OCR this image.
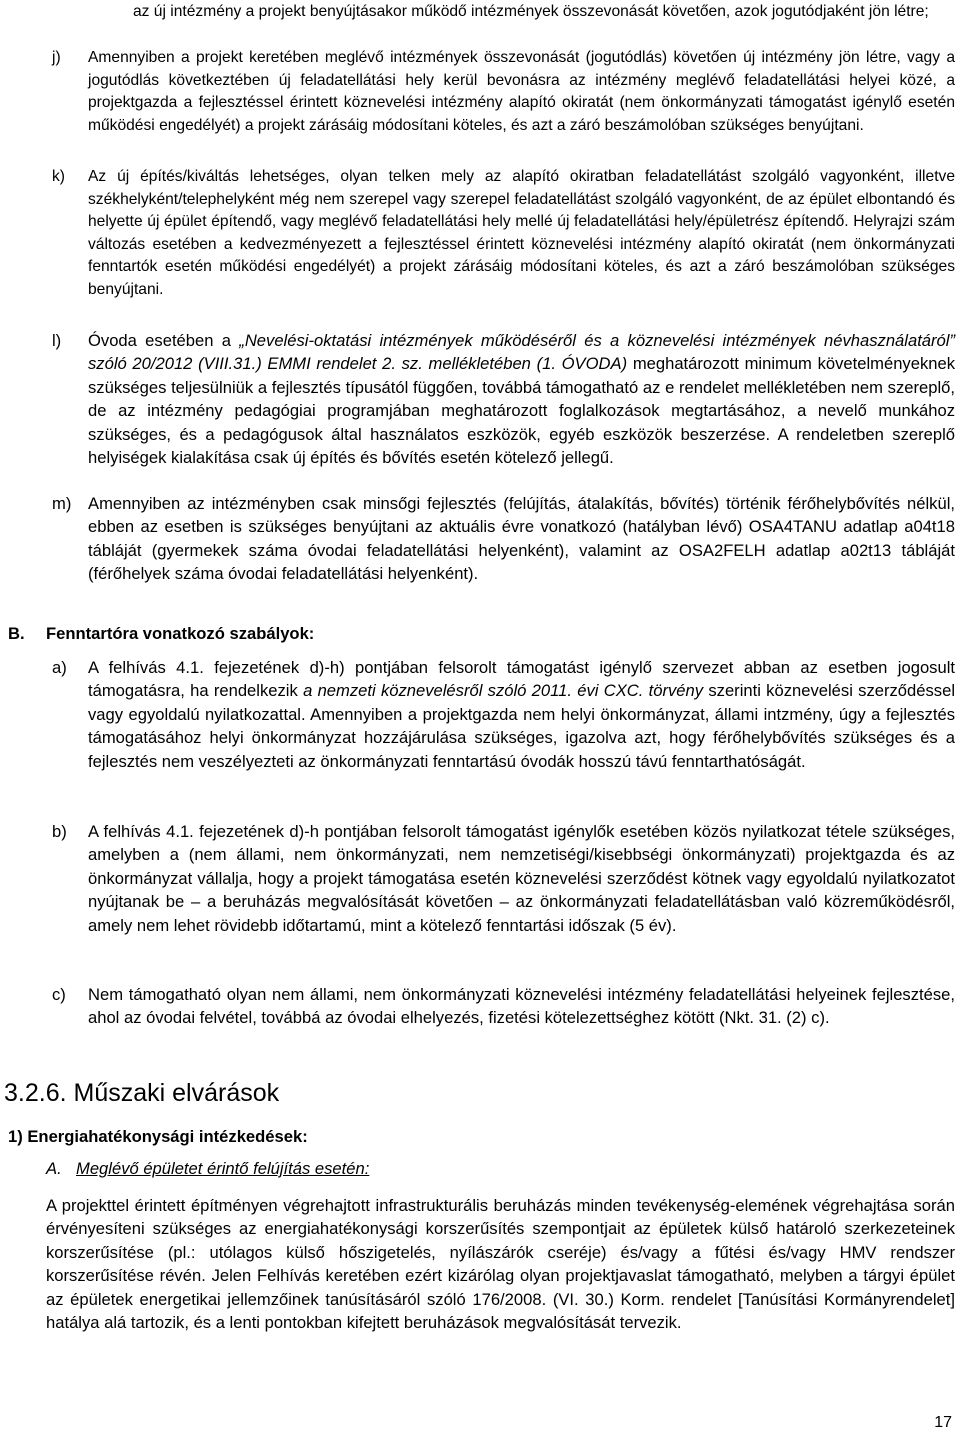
az új intézmény a projekt benyújtásakor működő intézmények összevonását követően, azok jogutódjaként jön létre;
j) Amennyiben a projekt keretében meglévő intézmények összevonását (jogutódlás) követően új intézmény jön létre, vagy a jogutódlás következtében új feladatellátási hely kerül bevonásra az intézmény meglévő feladatellátási helyei közé, a projektgazda a fejlesztéssel érintett köznevelési intézmény alapító okiratát (nem önkormányzati támogatást igénylő esetén működési engedélyét) a projekt zárásáig módosítani köteles, és azt a záró beszámolóban szükséges benyújtani.
k) Az új építés/kiváltás lehetséges, olyan telken mely az alapító okiratban feladatellátást szolgáló vagyonként, illetve székhelyként/telephelyként még nem szerepel vagy szerepel feladatellátást szolgáló vagyonként, de az épület elbontandó és helyette új épület építendő, vagy meglévő feladatellátási hely mellé új feladatellátási hely/épületrész építendő. Helyrajzi szám változás esetében a kedvezményezett a fejlesztéssel érintett köznevelési intézmény alapító okiratát (nem önkormányzati fenntartók esetén működési engedélyét) a projekt zárásáig módosítani köteles, és azt a záró beszámolóban szükséges benyújtani.
l) Óvoda esetében a „Nevelési-oktatási intézmények működéséről és a köznevelési intézmények névhasználatáról” szóló 20/2012 (VIII.31.) EMMI rendelet 2. sz. mellékletében (1. ÓVODA) meghatározott minimum követelményeknek szükséges teljesülniük a fejlesztés típusától függően, továbbá támogatható az e rendelet mellékletében nem szereplő, de az intézmény pedagógiai programjában meghatározott foglalkozások megtartásához, a nevelő munkához szükséges, és a pedagógusok által használatos eszközök, egyéb eszközök beszerzése. A rendeletben szereplő helyiségek kialakítása csak új építés és bővítés esetén kötelező jellegű.
m) Amennyiben az intézményben csak minsőgi fejlesztés (felújítás, átalakítás, bővítés) történik férőhelybővítés nélkül, ebben az esetben is szükséges benyújtani az aktuális évre vonatkozó (hatályban lévő) OSA4TANU adatlap a04t18 tábláját (gyermekek száma óvodai feladatellátási helyenként), valamint az OSA2FELH adatlap a02t13 tábláját (férőhelyek száma óvodai feladatellátási helyenként).
B. Fenntartóra vonatkozó szabályok:
a) A felhívás 4.1. fejezetének d)-h) pontjában felsorolt támogatást igénylő szervezet abban az esetben jogosult támogatásra, ha rendelkezik a nemzeti köznevelésről szóló 2011. évi CXC. törvény szerinti köznevelési szerződéssel vagy egyoldalú nyilatkozattal. Amennyiben a projektgazda nem helyi önkormányzat, állami intzmény, úgy a fejlesztés támogatásához helyi önkormányzat hozzájárulása szükséges, igazolva azt, hogy férőhelybővítés szükséges és a fejlesztés nem veszélyezteti az önkormányzati fenntartású óvodák hosszú távú fenntarthatóságát.
b) A felhívás 4.1. fejezetének d)-h pontjában felsorolt támogatást igénylők esetében közös nyilatkozat tétele szükséges, amelyben a (nem állami, nem önkormányzati, nem nemzetiségi/kisebbségi önkormányzati) projektgazda és az önkormányzat vállalja, hogy a projekt támogatása esetén köznevelési szerződést kötnek vagy egyoldalú nyilatkozatot nyújtanak be – a beruházás megvalósítását követően – az önkormányzati feladatellátásban való közreműködésről, amely nem lehet rövidebb időtartamú, mint a kötelező fenntartási időszak (5 év).
c) Nem támogatható olyan nem állami, nem önkormányzati köznevelési intézmény feladatellátási helyeinek fejlesztése, ahol az óvodai felvétel, továbbá az óvodai elhelyezés, fizetési kötelezettséghez kötött (Nkt. 31. (2) c).
3.2.6. Műszaki elvárások
1) Energiahatékonysági intézkedések:
A. Meglévő épületet érintő felújítás esetén:
A projekttel érintett építményen végrehajtott infrastrukturális beruházás minden tevékenység-elemének végrehajtása során érvényesíteni szükséges az energiahatékonysági korszerűsítés szempontjait az épületek külső határoló szerkezeteinek korszerűsítése (pl.: utólagos külső hőszigetelés, nyílászárók cseréje) és/vagy a fűtési és/vagy HMV rendszer korszerűsítése révén. Jelen Felhívás keretében ezért kizárólag olyan projektjavaslat támogatható, melyben a tárgyi épület az épületek energetikai jellemzőinek tanúsításáról szóló 176/2008. (VI. 30.) Korm. rendelet [Tanúsítási Kormányrendelet] hatálya alá tartozik, és a lenti pontokban kifejtett beruházások megvalósítását tervezik.
17
